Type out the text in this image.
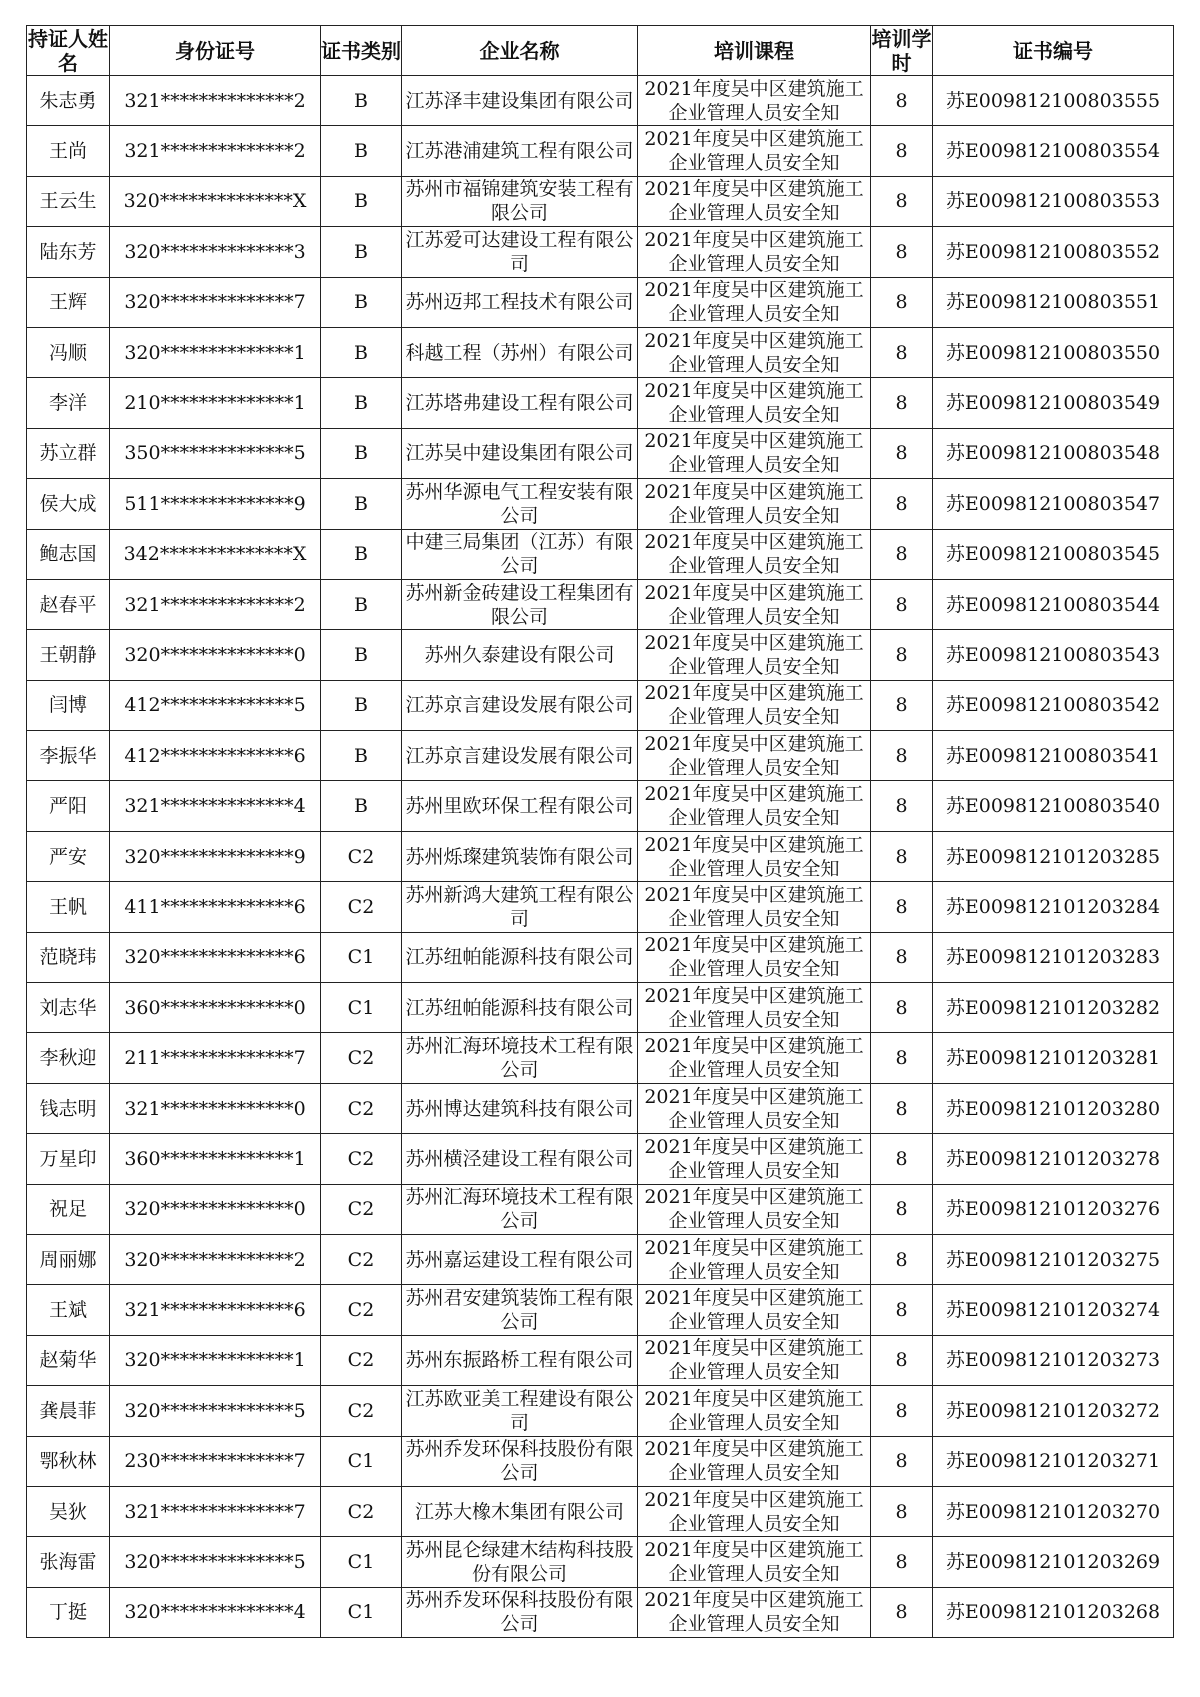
持证人姓名	身份证号	证书类别	企业名称	培训课程	培训学时	证书编号
朱志勇	321**************2	B	江苏泽丰建设集团有限公司	2021年度吴中区建筑施工企业管理人员安全知	8	苏E009812100803555
王尚	321**************2	B	江苏港浦建筑工程有限公司	2021年度吴中区建筑施工企业管理人员安全知	8	苏E009812100803554
王云生	320**************X	B	苏州市福锦建筑安装工程有限公司	2021年度吴中区建筑施工企业管理人员安全知	8	苏E009812100803553
陆东芳	320**************3	B	江苏爱可达建设工程有限公司	2021年度吴中区建筑施工企业管理人员安全知	8	苏E009812100803552
王辉	320**************7	B	苏州迈邦工程技术有限公司	2021年度吴中区建筑施工企业管理人员安全知	8	苏E009812100803551
冯顺	320**************1	B	科越工程（苏州）有限公司	2021年度吴中区建筑施工企业管理人员安全知	8	苏E009812100803550
李洋	210**************1	B	江苏塔弗建设工程有限公司	2021年度吴中区建筑施工企业管理人员安全知	8	苏E009812100803549
苏立群	350**************5	B	江苏吴中建设集团有限公司	2021年度吴中区建筑施工企业管理人员安全知	8	苏E009812100803548
侯大成	511**************9	B	苏州华源电气工程安装有限公司	2021年度吴中区建筑施工企业管理人员安全知	8	苏E009812100803547
鲍志国	342**************X	B	中建三局集团（江苏）有限公司	2021年度吴中区建筑施工企业管理人员安全知	8	苏E009812100803545
赵春平	321**************2	B	苏州新金砖建设工程集团有限公司	2021年度吴中区建筑施工企业管理人员安全知	8	苏E009812100803544
王朝静	320**************0	B	苏州久泰建设有限公司	2021年度吴中区建筑施工企业管理人员安全知	8	苏E009812100803543
闫博	412**************5	B	江苏京言建设发展有限公司	2021年度吴中区建筑施工企业管理人员安全知	8	苏E009812100803542
李振华	412**************6	B	江苏京言建设发展有限公司	2021年度吴中区建筑施工企业管理人员安全知	8	苏E009812100803541
严阳	321**************4	B	苏州里欧环保工程有限公司	2021年度吴中区建筑施工企业管理人员安全知	8	苏E009812100803540
严安	320**************9	C2	苏州烁璨建筑装饰有限公司	2021年度吴中区建筑施工企业管理人员安全知	8	苏E009812101203285
王帆	411**************6	C2	苏州新鸿大建筑工程有限公司	2021年度吴中区建筑施工企业管理人员安全知	8	苏E009812101203284
范晓玮	320**************6	C1	江苏纽帕能源科技有限公司	2021年度吴中区建筑施工企业管理人员安全知	8	苏E009812101203283
刘志华	360**************0	C1	江苏纽帕能源科技有限公司	2021年度吴中区建筑施工企业管理人员安全知	8	苏E009812101203282
李秋迎	211**************7	C2	苏州汇海环境技术工程有限公司	2021年度吴中区建筑施工企业管理人员安全知	8	苏E009812101203281
钱志明	321**************0	C2	苏州博达建筑科技有限公司	2021年度吴中区建筑施工企业管理人员安全知	8	苏E009812101203280
万星印	360**************1	C2	苏州横泾建设工程有限公司	2021年度吴中区建筑施工企业管理人员安全知	8	苏E009812101203278
祝足	320**************0	C2	苏州汇海环境技术工程有限公司	2021年度吴中区建筑施工企业管理人员安全知	8	苏E009812101203276
周丽娜	320**************2	C2	苏州嘉运建设工程有限公司	2021年度吴中区建筑施工企业管理人员安全知	8	苏E009812101203275
王斌	321**************6	C2	苏州君安建筑装饰工程有限公司	2021年度吴中区建筑施工企业管理人员安全知	8	苏E009812101203274
赵菊华	320**************1	C2	苏州东振路桥工程有限公司	2021年度吴中区建筑施工企业管理人员安全知	8	苏E009812101203273
龚晨菲	320**************5	C2	江苏欧亚美工程建设有限公司	2021年度吴中区建筑施工企业管理人员安全知	8	苏E009812101203272
鄂秋林	230**************7	C1	苏州乔发环保科技股份有限公司	2021年度吴中区建筑施工企业管理人员安全知	8	苏E009812101203271
吴狄	321**************7	C2	江苏大橡木集团有限公司	2021年度吴中区建筑施工企业管理人员安全知	8	苏E009812101203270
张海雷	320**************5	C1	苏州昆仑绿建木结构科技股份有限公司	2021年度吴中区建筑施工企业管理人员安全知	8	苏E009812101203269
丁挺	320**************4	C1	苏州乔发环保科技股份有限公司	2021年度吴中区建筑施工企业管理人员安全知	8	苏E009812101203268
